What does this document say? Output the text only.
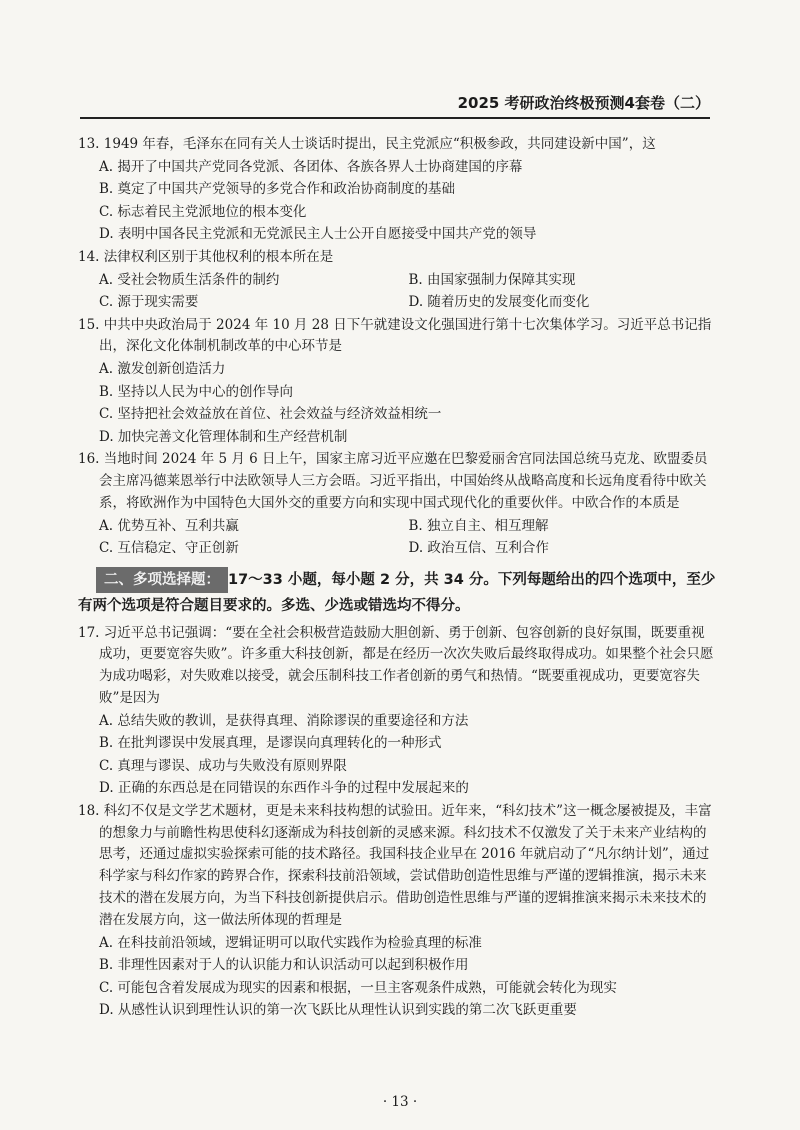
2025 考研政治终极预测4套卷（二）
13. 1949 年春，毛泽东在同有关人士谈话时提出，民主党派应“积极参政，共同建设新中国”，这
A. 揭开了中国共产党同各党派、各团体、各族各界人士协商建国的序幕
B. 奠定了中国共产党领导的多党合作和政治协商制度的基础
C. 标志着民主党派地位的根本变化
D. 表明中国各民主党派和无党派民主人士公开自愿接受中国共产党的领导
14. 法律权利区别于其他权利的根本所在是
A. 受社会物质生活条件的制约	B. 由国家强制力保障其实现
C. 源于现实需要	D. 随着历史的发展变化而变化
15. 中共中央政治局于 2024 年 10 月 28 日下午就建设文化强国进行第十七次集体学习。习近平总书记指出，深化文化体制机制改革的中心环节是
A. 激发创新创造活力
B. 坚持以人民为中心的创作导向
C. 坚持把社会效益放在首位、社会效益与经济效益相统一
D. 加快完善文化管理体制和生产经营机制
16. 当地时间 2024 年 5 月 6 日上午，国家主席习近平应邀在巴黎爱丽舍宫同法国总统马克龙、欧盟委员会主席冯德莱恩举行中法欧领导人三方会晤。习近平指出，中国始终从战略高度和长远角度看待中欧关系，将欧洲作为中国特色大国外交的重要方向和实现中国式现代化的重要伙伴。中欧合作的本质是
A. 优势互补、互利共赢	B. 独立自主、相互理解
C. 互信稳定、守正创新	D. 政治互信、互利合作
二、多项选择题： 17～33 小题，每小题 2 分，共 34 分。下列每题给出的四个选项中，至少有两个选项是符合题目要求的。多选、少选或错选均不得分。
17. 习近平总书记强调：“要在全社会积极营造鼓励大胆创新、勇于创新、包容创新的良好氛围，既要重视成功，更要宽容失败”。许多重大科技创新，都是在经历一次次失败后最终取得成功。如果整个社会只愿为成功喝彩，对失败难以接受，就会压制科技工作者创新的勇气和热情。“既要重视成功，更要宽容失败”是因为
A. 总结失败的教训，是获得真理、消除谬误的重要途径和方法
B. 在批判谬误中发展真理，是谬误向真理转化的一种形式
C. 真理与谬误、成功与失败没有原则界限
D. 正确的东西总是在同错误的东西作斗争的过程中发展起来的
18. 科幻不仅是文学艺术题材，更是未来科技构想的试验田。近年来，“科幻技术”这一概念屡被提及，丰富的想象力与前瞻性构思使科幻逐渐成为科技创新的灵感来源。科幻技术不仅激发了关于未来产业结构的思考，还通过虚拟实验探索可能的技术路径。我国科技企业早在 2016 年就启动了“凡尔纳计划”，通过科学家与科幻作家的跨界合作，探索科技前沿领域，尝试借助创造性思维与严谨的逻辑推演，揭示未来技术的潜在发展方向，为当下科技创新提供启示。借助创造性思维与严谨的逻辑推演来揭示未来技术的潜在发展方向，这一做法所体现的哲理是
A. 在科技前沿领域，逻辑证明可以取代实践作为检验真理的标准
B. 非理性因素对于人的认识能力和认识活动可以起到积极作用
C. 可能包含着发展成为现实的因素和根据，一旦主客观条件成熟，可能就会转化为现实
D. 从感性认识到理性认识的第一次飞跃比从理性认识到实践的第二次飞跃更重要
· 13 ·
